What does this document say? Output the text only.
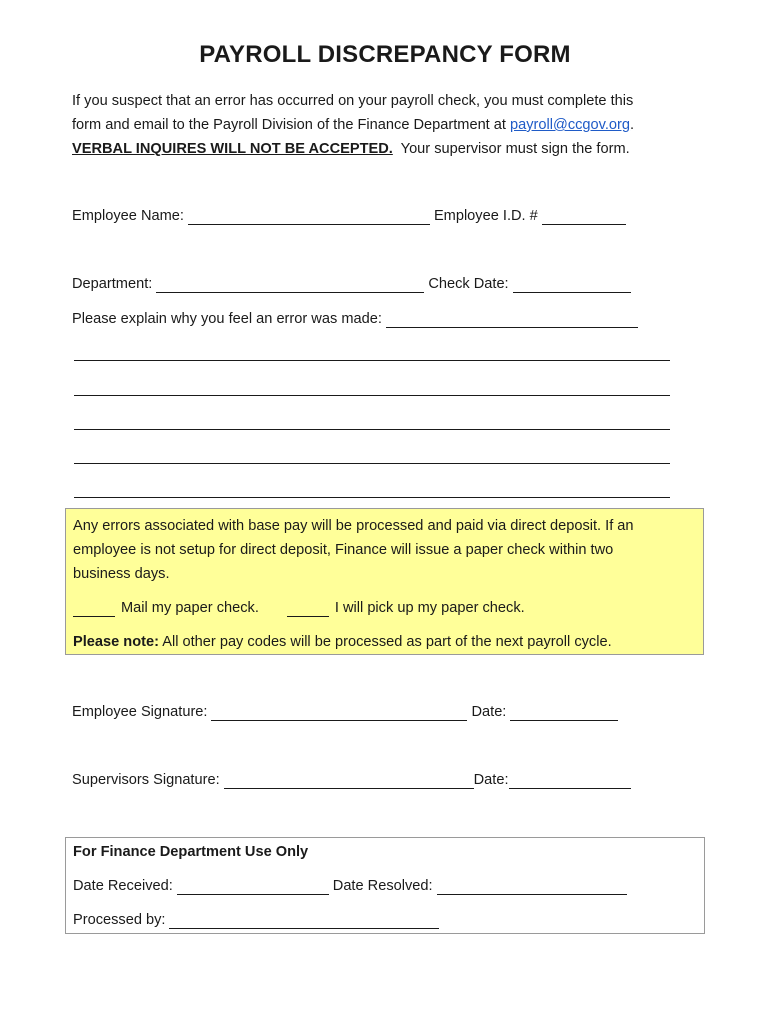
PAYROLL DISCREPANCY FORM
If you suspect that an error has occurred on your payroll check, you must complete this
form and email to the Payroll Division of the Finance Department at payroll@ccgov.org.
VERBAL INQUIRES WILL NOT BE ACCEPTED.  Your supervisor must sign the form.
Employee Name:	Employee I.D. #
Department:	Check Date:
Please explain why you feel an error was made:

Any errors associated with base pay will be processed and paid via direct deposit. If an

employee is not setup for direct deposit, Finance will issue a paper check within two

business days.

Mail my paper check.	I will pick up my paper check.

Please note: All other pay codes will be processed as part of the next payroll cycle.

Employee Signature:	Date:
Supervisors Signature:	Date:
For Finance Department Use Only
Date Received:	Date Resolved:
Processed by:
